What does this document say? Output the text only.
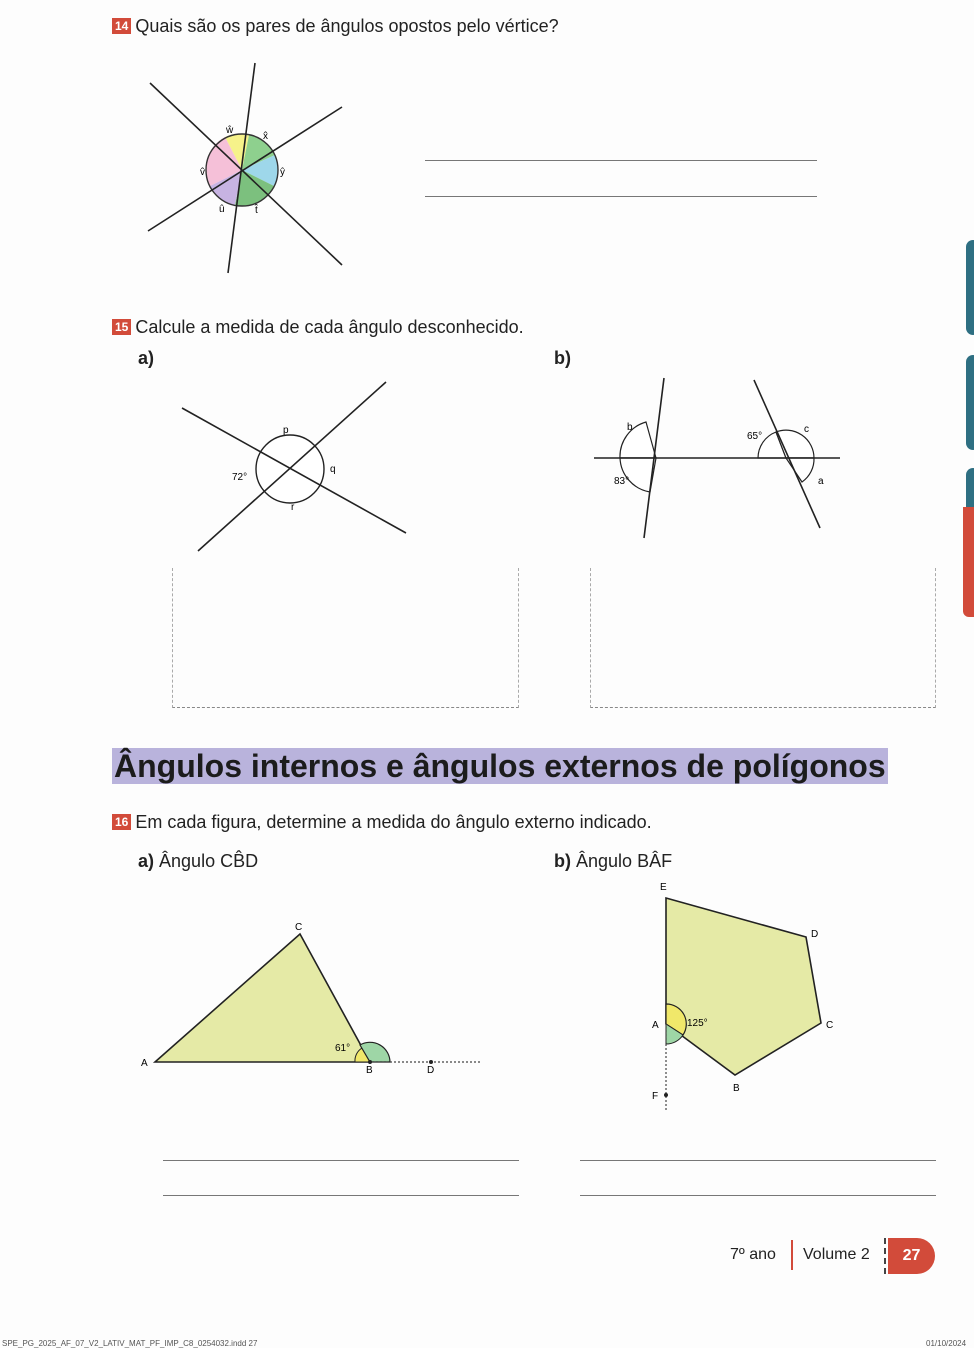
14 Quais são os pares de ângulos opostos pelo vértice?
ŵ
x̂
v̂	ŷ
û	t̂
15 Calcule a medida de cada ângulo desconhecido.
a)	b)
p
72°
q
r
b
83°
65°
c
a
Ângulos internos e ângulos externos de polígonos
16 Em cada figura, determine a medida do ângulo externo indicado.
a) Ângulo CB̂D	b) Ângulo BÂF
A
B
C
D
61°
E
D
C
B
A
F
125°
7º ano Volume 2	27
SPE_PG_2025_AF_07_V2_LATIV_MAT_PF_IMP_C8_0254032.indd 27	01/10/2024
